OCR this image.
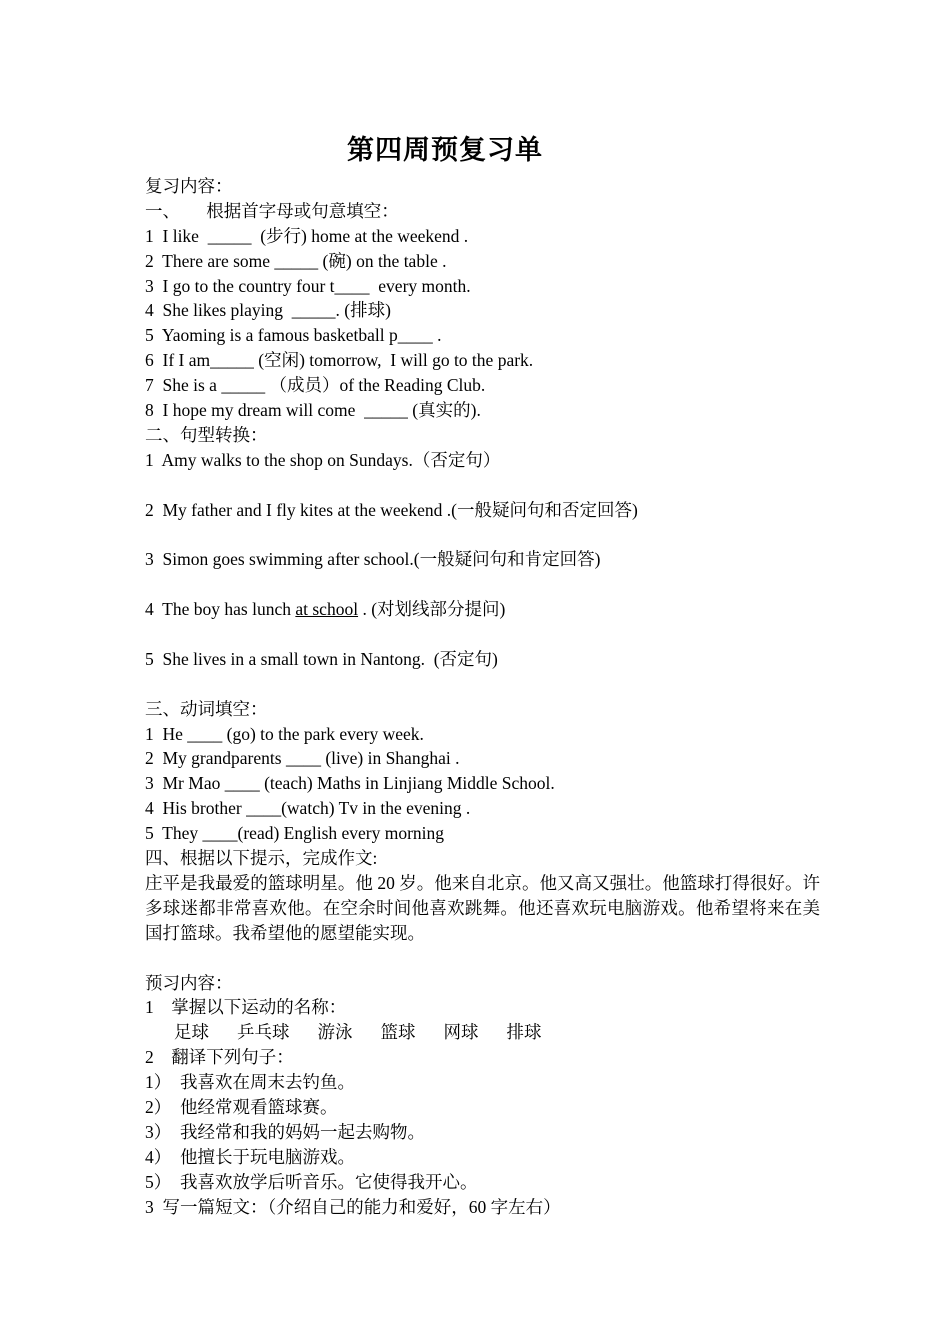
第四周预复习单
复习内容：
一、      根据首字母或句意填空：
1  I like  _____  (步行) home at the weekend .
2  There are some _____ (碗) on the table .
3  I go to the country four t____  every month.
4  She likes playing  _____. (排球)
5  Yaoming is a famous basketball p____ .
6  If I am_____ (空闲) tomorrow,  I will go to the park.
7  She is a _____ （成员）of the Reading Club.
8  I hope my dream will come  _____ (真实的).
二、句型转换：
1  Amy walks to the shop on Sundays.（否定句）
2  My father and I fly kites at the weekend .(一般疑问句和否定回答)
3  Simon goes swimming after school.(一般疑问句和肯定回答)
4  The boy has lunch at school . (对划线部分提问)
5  She lives in a small town in Nantong.  (否定句)
三、动词填空：
1  He ____ (go) to the park every week.
2  My grandparents ____ (live) in Shanghai .
3  Mr Mao ____ (teach) Maths in Linjiang Middle School.
4  His brother ____(watch) Tv in the evening .
5  They ____(read) English every morning
四、根据以下提示，完成作文:
庄平是我最爱的篮球明星。他 20 岁。他来自北京。他又高又强壮。他篮球打得很好。许多球迷都非常喜欢他。在空余时间他喜欢跳舞。他还喜欢玩电脑游戏。他希望将来在美国打篮球。我希望他的愿望能实现。
预习内容：
1    掌握以下运动的名称：
足球 乒乓球 游泳 篮球 网球 排球
2    翻译下列句子：
1）  我喜欢在周末去钓鱼。
2）  他经常观看篮球赛。
3）  我经常和我的妈妈一起去购物。
4）  他擅长于玩电脑游戏。
5）  我喜欢放学后听音乐。它使得我开心。
3  写一篇短文：（介绍自己的能力和爱好，60 字左右）
